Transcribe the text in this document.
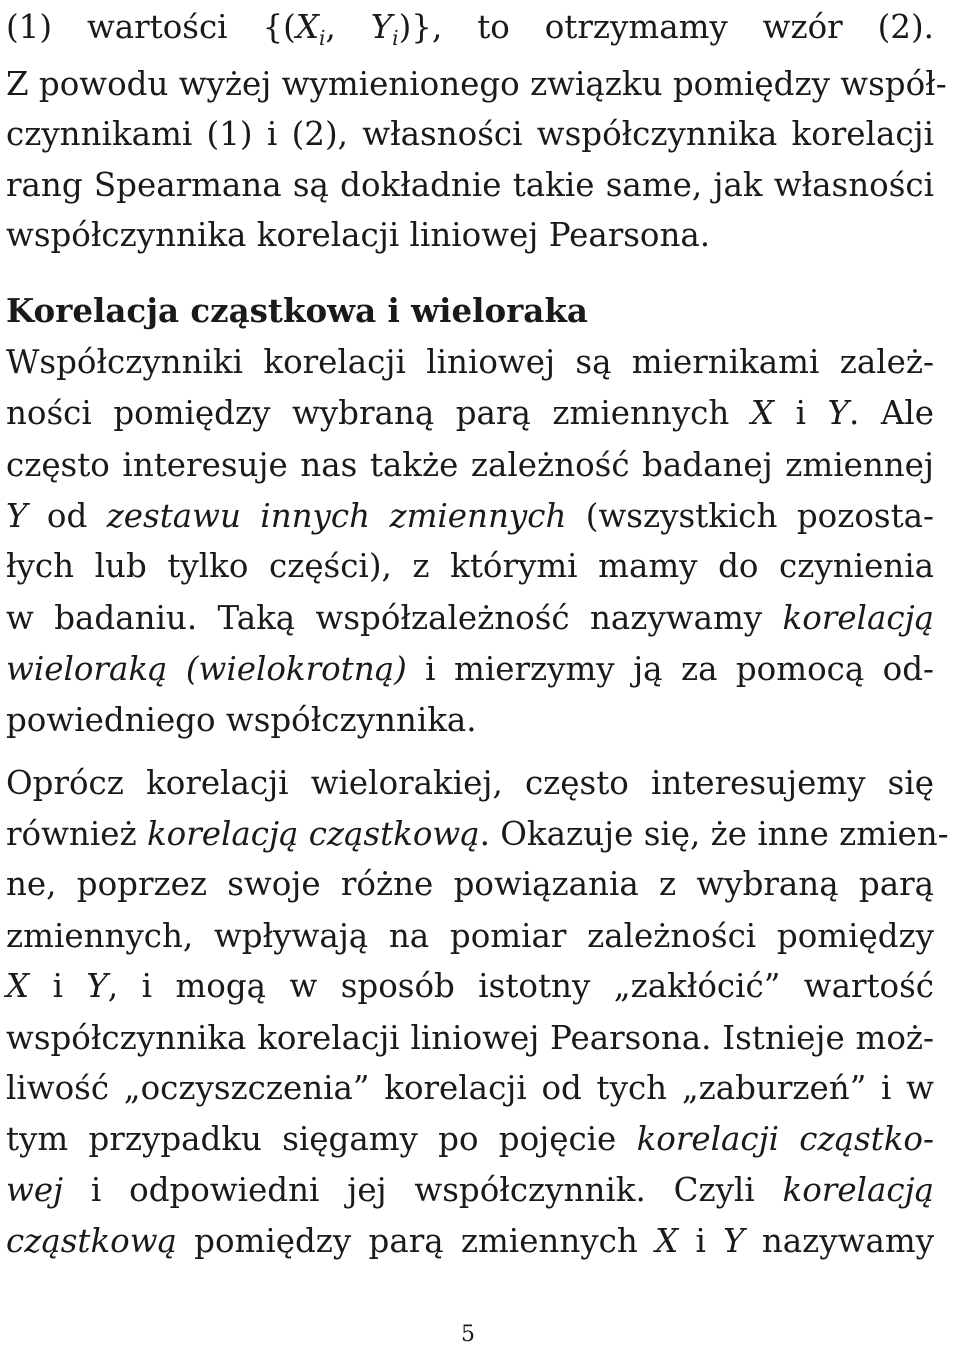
(1) wartości {($X_i$, $Y_i$)}, to otrzymamy wzór (2).
Z powodu wyżej wymienionego związku pomiędzy współ-
czynnikami (1) i (2), własności współczynnika korelacji
rang Spearmana są dokładnie takie same, jak własności
współczynnika korelacji liniowej Pearsona.
Korelacja cząstkowa i wieloraka
Współczynniki korelacji liniowej są miernikami zależ-
ności pomiędzy wybraną parą zmiennych X i Y. Ale
często interesuje nas także zależność badanej zmiennej
Y od zestawu innych zmiennych (wszystkich pozosta-
łych lub tylko części), z którymi mamy do czynienia
w badaniu. Taką współzależność nazywamy korelacją
wieloraką (wielokrotną) i mierzymy ją za pomocą od-
powiedniego współczynnika.
Oprócz korelacji wielorakiej, często interesujemy się
również korelacją cząstkową. Okazuje się, że inne zmien-
ne, poprzez swoje różne powiązania z wybraną parą
zmiennych, wpływają na pomiar zależności pomiędzy
X i Y, i mogą w sposób istotny „zakłócić” wartość
współczynnika korelacji liniowej Pearsona. Istnieje moż-
liwość „oczyszczenia” korelacji od tych „zaburzeń” i w
tym przypadku sięgamy po pojęcie korelacji cząstko-
wej i odpowiedni jej współczynnik. Czyli korelacją
cząstkową pomiędzy parą zmiennych X i Y nazywamy
5
